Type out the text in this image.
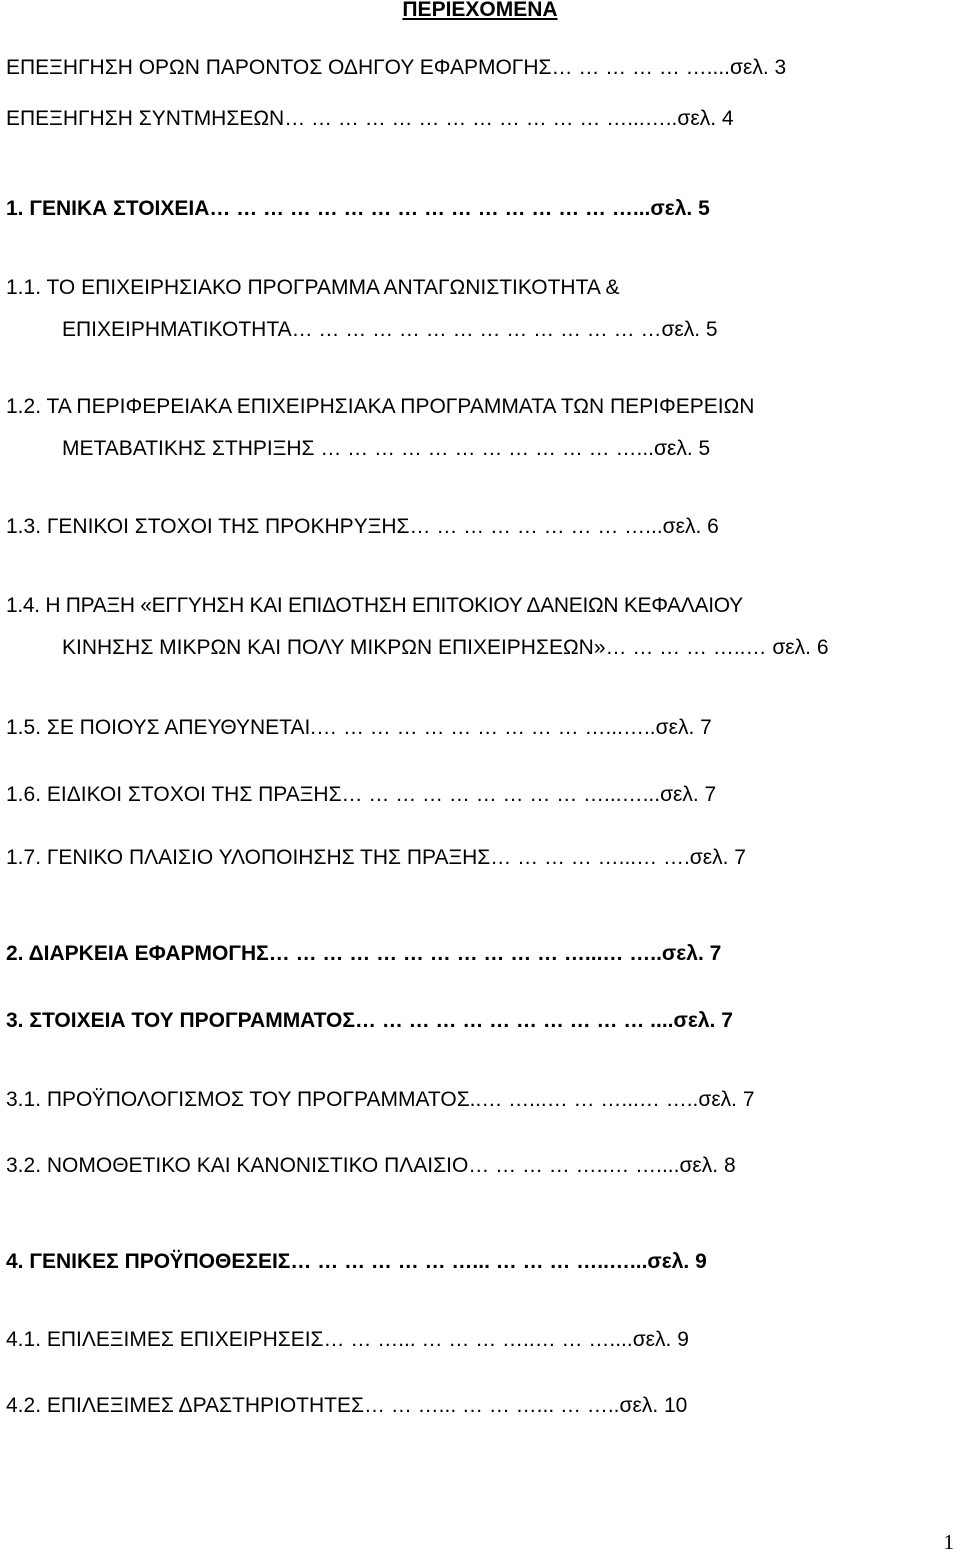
ΠΕΡΙΕΧΟΜΕΝΑ
ΕΠΕΞΗΓΗΣΗ ΟΡΩΝ ΠΑΡΟΝΤΟΣ ΟΔΗΓΟΥ ΕΦΑΡΜΟΓΗΣ… … … … … …....σελ. 3
ΕΠΕΞΗΓΗΣΗ ΣΥΝΤΜΗΣΕΩΝ… … … … … … … … … … … … …...…..σελ. 4
1. ΓΕΝΙΚΑ ΣΤΟΙΧΕΙΑ… … … … … … … … … … … … … … … …...σελ. 5
1.1. ΤΟ ΕΠΙΧΕΙΡΗΣΙΑΚΟ ΠΡΟΓΡΑΜΜΑ ΑΝΤΑΓΩΝΙΣΤΙΚΟΤΗΤΑ &
ΕΠΙΧΕΙΡΗΜΑΤΙΚΟΤΗΤΑ… … … … … … … … … … … … … …σελ. 5
1.2. ΤΑ ΠΕΡΙΦΕΡΕΙΑΚΑ ΕΠΙΧΕΙΡΗΣΙΑΚΑ ΠΡΟΓΡΑΜΜΑΤΑ ΤΩΝ ΠΕΡΙΦΕΡΕΙΩΝ
ΜΕΤΑΒΑΤΙΚΗΣ ΣΤΗΡΙΞΗΣ … … … … … … … … … … … …...σελ. 5
1.3. ΓΕΝΙΚΟΙ ΣΤΟΧΟΙ ΤΗΣ ΠΡΟΚΗΡΥΞΗΣ… … … … … … … … …...σελ. 6
1.4. Η ΠΡΑΞΗ «ΕΓΓΥΗΣΗ ΚΑΙ ΕΠΙΔΟΤΗΣΗ ΕΠΙΤΟΚΙΟΥ ΔΑΝΕΙΩΝ ΚΕΦΑΛΑΙΟΥ
ΚΙΝΗΣΗΣ ΜΙΚΡΩΝ ΚΑΙ ΠΟΛΥ ΜΙΚΡΩΝ ΕΠΙΧΕΙΡΗΣΕΩΝ»… … … … …..… σελ. 6
1.5. ΣΕ ΠΟΙΟΥΣ ΑΠΕΥΘΥΝΕΤΑΙ.… … … … … … … … … … …...…..σελ. 7
1.6. ΕΙΔΙΚΟΙ ΣΤΟΧΟΙ ΤΗΣ ΠΡΑΞΗΣ… … … … … … … … … …...…...σελ. 7
1.7. ΓΕΝΙΚΟ ΠΛΑΙΣΙΟ ΥΛΟΠΟΙΗΣΗΣ ΤΗΣ ΠΡΑΞΗΣ… … … … …...… ….σελ. 7
2. ΔΙΑΡΚΕΙΑ ΕΦΑΡΜΟΓΗΣ… … … … … … … … … … … …...… …..σελ. 7
3. ΣΤΟΙΧΕΙΑ ΤΟΥ ΠΡΟΓΡΑΜΜΑΤΟΣ… … … … … … … … … … … ....σελ. 7
3.1. ΠΡΟΫΠΟΛΟΓΙΣΜΟΣ ΤΟΥ ΠΡΟΓΡΑΜΜΑΤΟΣ..… …...… … …...… …..σελ. 7
3.2. ΝΟΜΟΘΕΤΙΚΟ ΚΑΙ ΚΑΝΟΝΙΣΤΙΚΟ ΠΛΑΙΣΙΟ… … … … …..… …....σελ. 8
4. ΓΕΝΙΚΕΣ ΠΡΟΫΠΟΘΕΣΕΙΣ… … … … … … …... … … … …..…...σελ. 9
4.1. ΕΠΙΛΕΞΙΜΕΣ ΕΠΙΧΕΙΡΗΣΕΙΣ… … …... … … … …..… … …....σελ. 9
4.2. ΕΠΙΛΕΞΙΜΕΣ ΔΡΑΣΤΗΡΙΟΤΗΤΕΣ… … …... … … …... … …..σελ. 10
1
